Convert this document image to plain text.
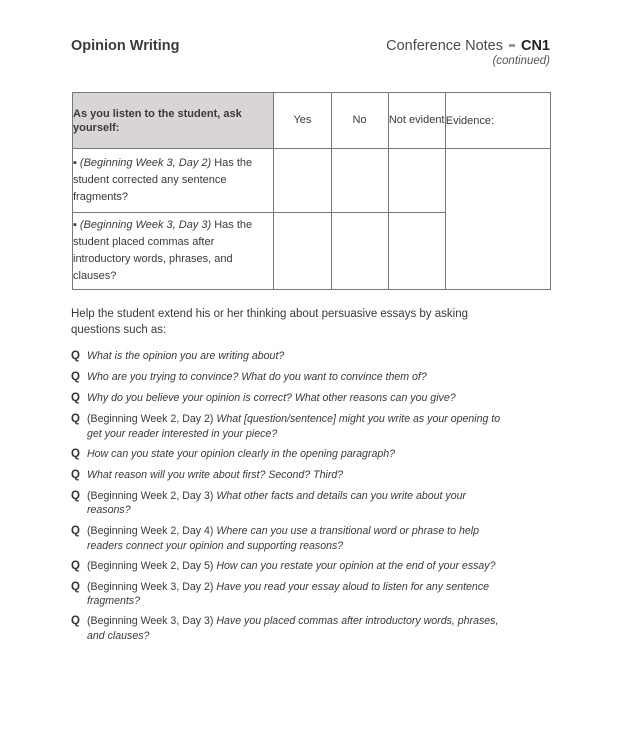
Opinion Writing	Conference Notes CN1
(continued)
As you listen to the student, ask yourself:	Yes	No	Not evident	Evidence:
▪ (Beginning Week 3, Day 2) Has the student corrected any sentence fragments?				
▪ (Beginning Week 3, Day 3) Has the student placed commas after introductory words, phrases, and clauses?				
Help the student extend his or her thinking about persuasive essays by asking questions such as:
Q What is the opinion you are writing about?
Q Who are you trying to convince? What do you want to convince them of?
Q Why do you believe your opinion is correct? What other reasons can you give?
Q (Beginning Week 2, Day 2) What [question/sentence] might you write as your opening to get your reader interested in your piece?
Q How can you state your opinion clearly in the opening paragraph?
Q What reason will you write about first? Second? Third?
Q (Beginning Week 2, Day 3) What other facts and details can you write about your reasons?
Q (Beginning Week 2, Day 4) Where can you use a transitional word or phrase to help readers connect your opinion and supporting reasons?
Q (Beginning Week 2, Day 5) How can you restate your opinion at the end of your essay?
Q (Beginning Week 3, Day 2) Have you read your essay aloud to listen for any sentence fragments?
Q (Beginning Week 3, Day 3) Have you placed commas after introductory words, phrases, and clauses?
